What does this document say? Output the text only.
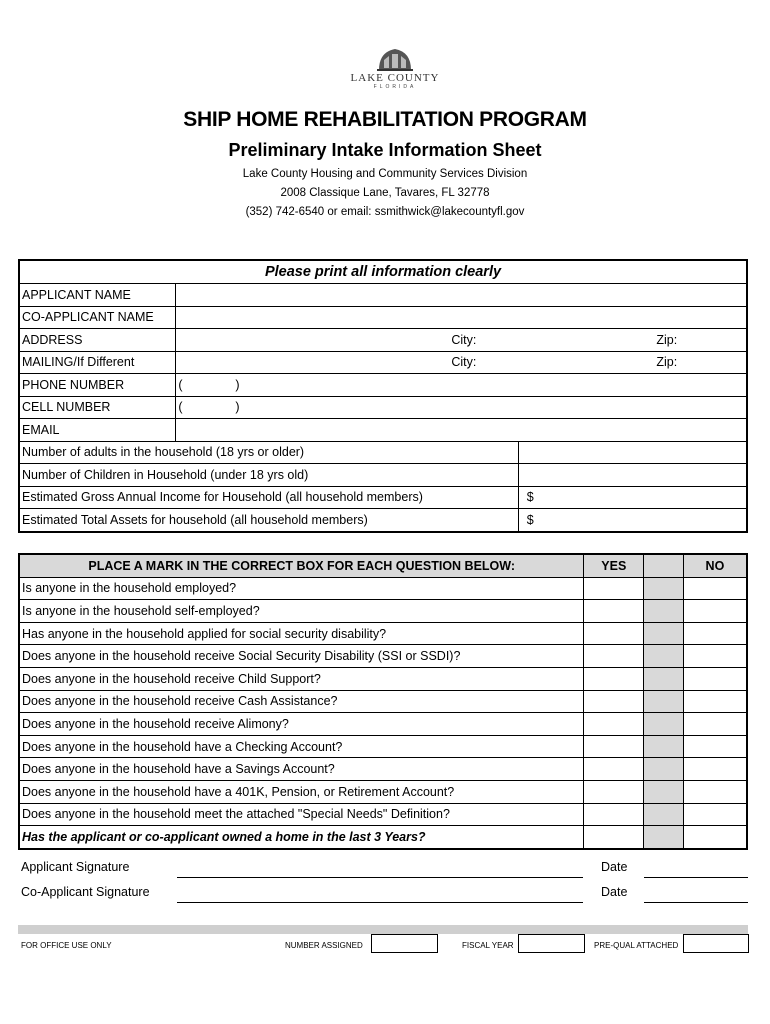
LAKE COUNTY
FLORIDA
SHIP HOME REHABILITATION PROGRAM
Preliminary Intake Information Sheet
Lake County Housing and Community Services Division
2008 Classique Lane, Tavares, FL 32778
(352) 742-6540 or email: ssmithwick@lakecountyfl.gov
Please print all information clearly		
APPLICANT NAME		
CO-APPLICANT NAME		
ADDRESS	City: Zip:	

MAILING/If Different	City: Zip:	

PHONE NUMBER	( )	

CELL NUMBER	( )	

EMAIL		
Number of adults in the household (18 yrs or older)		
Number of Children in Household (under 18 yrs old)		
Estimated Gross Annual Income for Household (all household members)		$
Estimated Total Assets for household (all household members)		$
PLACE A MARK IN THE CORRECT BOX FOR EACH QUESTION BELOW:	YES		NO
Is anyone in the household employed?			
Is anyone in the household self-employed?			
Has anyone in the household applied for social security disability?			
Does anyone in the household receive Social Security Disability (SSI or SSDI)?			
Does anyone in the household receive Child Support?			
Does anyone in the household receive Cash Assistance?			
Does anyone in the household receive Alimony?			
Does anyone in the household have a Checking Account?			
Does anyone in the household have a Savings Account?			
Does anyone in the household have a 401K, Pension, or Retirement Account?			
Does anyone in the household meet the attached "Special Needs" Definition?			
Has the applicant or co-applicant owned a home in the last 3 Years?			
Applicant Signature	Date
Co-Applicant Signature	Date
FOR OFFICE USE ONLY	NUMBER ASSIGNED	FISCAL YEAR	PRE-QUAL ATTACHED
